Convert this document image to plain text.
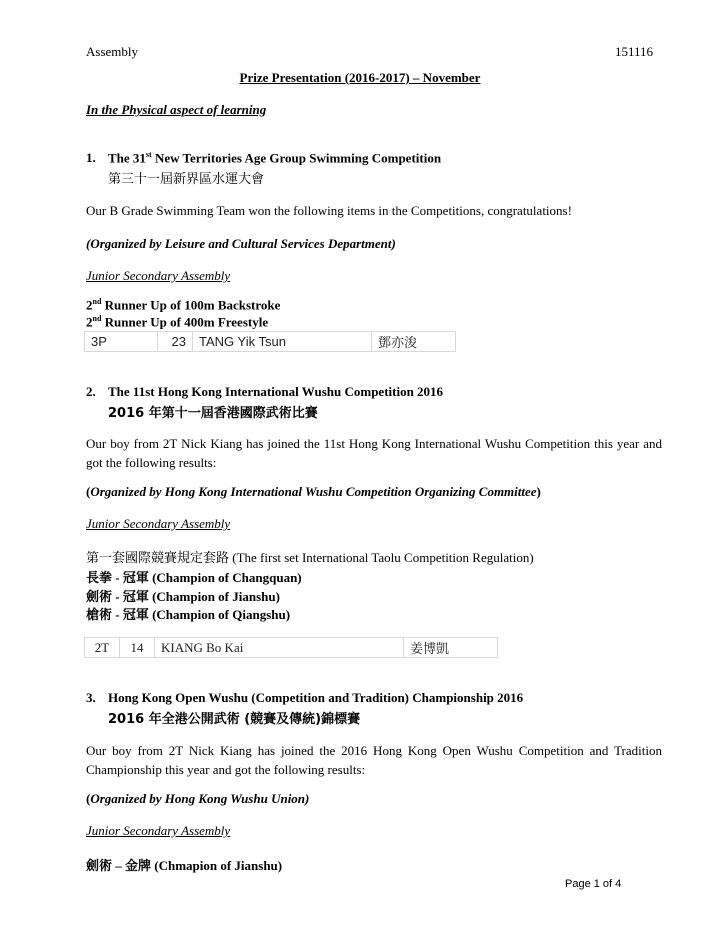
Assembly	151116
Prize Presentation (2016-2017) – November
In the Physical aspect of learning
1. The 31st New Territories Age Group Swimming Competition
第三十一屆新界區水運大會
Our B Grade Swimming Team won the following items in the Competitions, congratulations!
(Organized by Leisure and Cultural Services Department)
Junior Secondary Assembly
2nd Runner Up of 100m Backstroke
2nd Runner Up of 400m Freestyle
3P	23	TANG Yik Tsun	鄧亦浚
2. The 11st Hong Kong International Wushu Competition 2016
2016 年第十一屆香港國際武術比賽
Our boy from 2T Nick Kiang has joined the 11st Hong Kong International Wushu Competition this year and got the following results:
(Organized by Hong Kong International Wushu Competition Organizing Committee)
Junior Secondary Assembly
第一套國際競賽規定套路 (The first set International Taolu Competition Regulation)
長拳 - 冠軍 (Champion of Changquan)
劍術 - 冠軍 (Champion of Jianshu)
槍術 - 冠軍 (Champion of Qiangshu)
2T	14	KIANG Bo Kai	姜博凱
3. Hong Kong Open Wushu (Competition and Tradition) Championship 2016
2016 年全港公開武術 (競賽及傳統)錦標賽
Our boy from 2T Nick Kiang has joined the 2016 Hong Kong Open Wushu Competition and Tradition Championship this year and got the following results:
(Organized by Hong Kong Wushu Union)
Junior Secondary Assembly
劍術 – 金牌 (Chmapion of Jianshu)
Page 1 of 4
